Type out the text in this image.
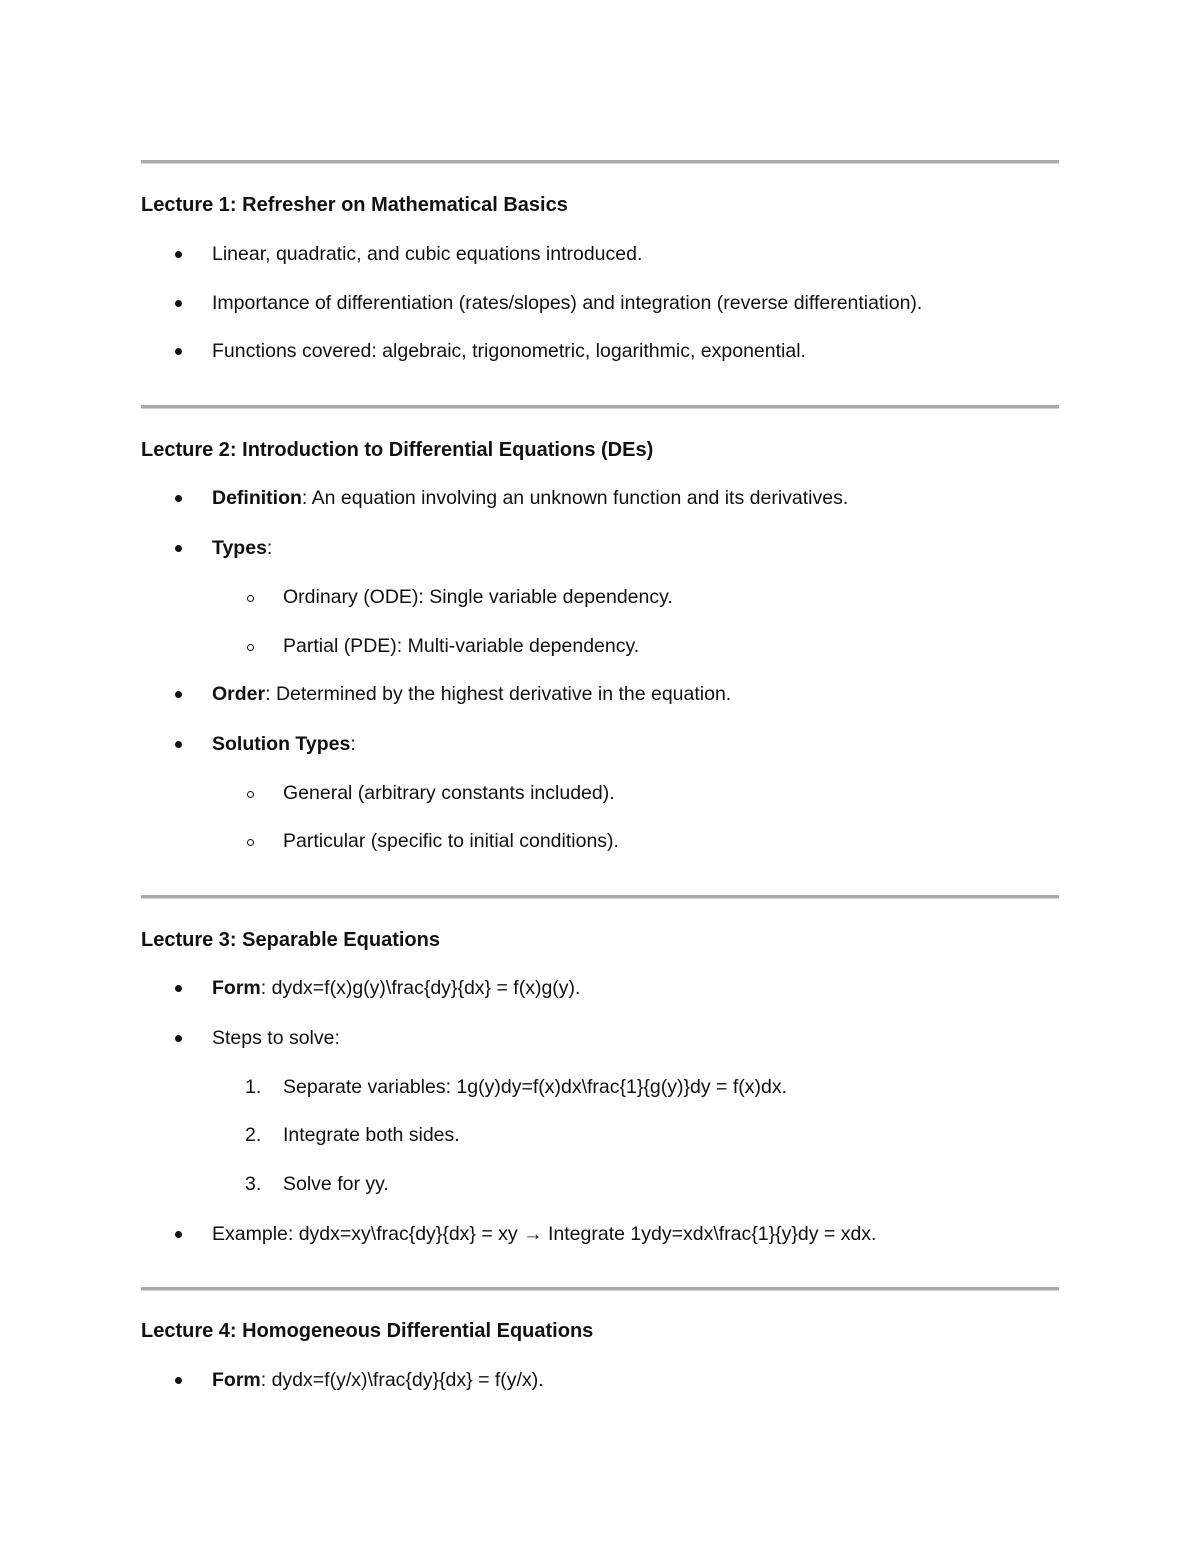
Lecture 1: Refresher on Mathematical Basics
Linear, quadratic, and cubic equations introduced.
Importance of differentiation (rates/slopes) and integration (reverse differentiation).
Functions covered: algebraic, trigonometric, logarithmic, exponential.
Lecture 2: Introduction to Differential Equations (DEs)
Definition: An equation involving an unknown function and its derivatives.
Types:
Ordinary (ODE): Single variable dependency.
Partial (PDE): Multi-variable dependency.
Order: Determined by the highest derivative in the equation.
Solution Types:
General (arbitrary constants included).
Particular (specific to initial conditions).
Lecture 3: Separable Equations
Form: dydx=f(x)g(y)\frac{dy}{dx} = f(x)g(y).
Steps to solve:
1. Separate variables: 1g(y)dy=f(x)dx\frac{1}{g(y)}dy = f(x)dx.
2. Integrate both sides.
3. Solve for yy.
Example: dydx=xy\frac{dy}{dx} = xy → Integrate 1ydy=xdx\frac{1}{y}dy = xdx.
Lecture 4: Homogeneous Differential Equations
Form: dydx=f(y/x)\frac{dy}{dx} = f(y/x).
